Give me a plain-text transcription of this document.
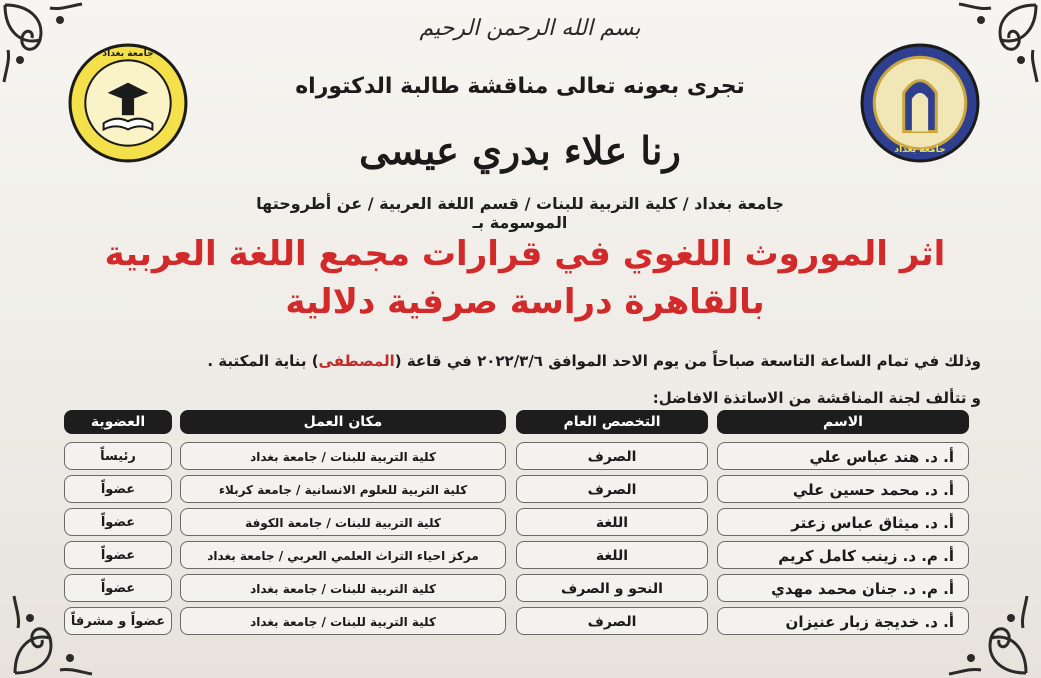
جامعة بغداد
جامعة بغداد
بسم الله الرحمن الرحيم
تجرى بعونه تعالى مناقشة طالبة الدكتوراه
رنا علاء بدري عيسى
جامعة بغداد / كلية التربية للبنات / قسم اللغة العربية / عن أطروحتها الموسومة بـ
اثر الموروث اللغوي في قرارات مجمع اللغة العربية بالقاهرة دراسة صرفية دلالية
وذلك في تمام الساعة التاسعة صباحاً من يوم الاحد الموافق ٢٠٢٢/٣/٦ في قاعة (المصطفى) بناية المكتبة .
و تتألف لجنة المناقشة من الاساتذة الافاضل:
الاسم
التخصص العام
مكان العمل
العضوية
أ. د. هند عباس علي
الصرف
كلية التربية للبنات / جامعة بغداد
رئيساً
أ. د. محمد حسين علي
الصرف
كلية التربية للعلوم الانسانية / جامعة كربلاء
عضواً
أ. د. ميثاق عباس زعتر
اللغة
كلية التربية للبنات / جامعة الكوفة
عضواً
أ. م. د. زينب كامل كريم
اللغة
مركز احياء التراث العلمي العربي / جامعة بغداد
عضواً
أ. م. د. جنان محمد مهدي
النحو و الصرف
كلية التربية للبنات / جامعة بغداد
عضواً
أ. د. خديجة زبار عنيزان
الصرف
كلية التربية للبنات / جامعة بغداد
عضواً و مشرفاً
